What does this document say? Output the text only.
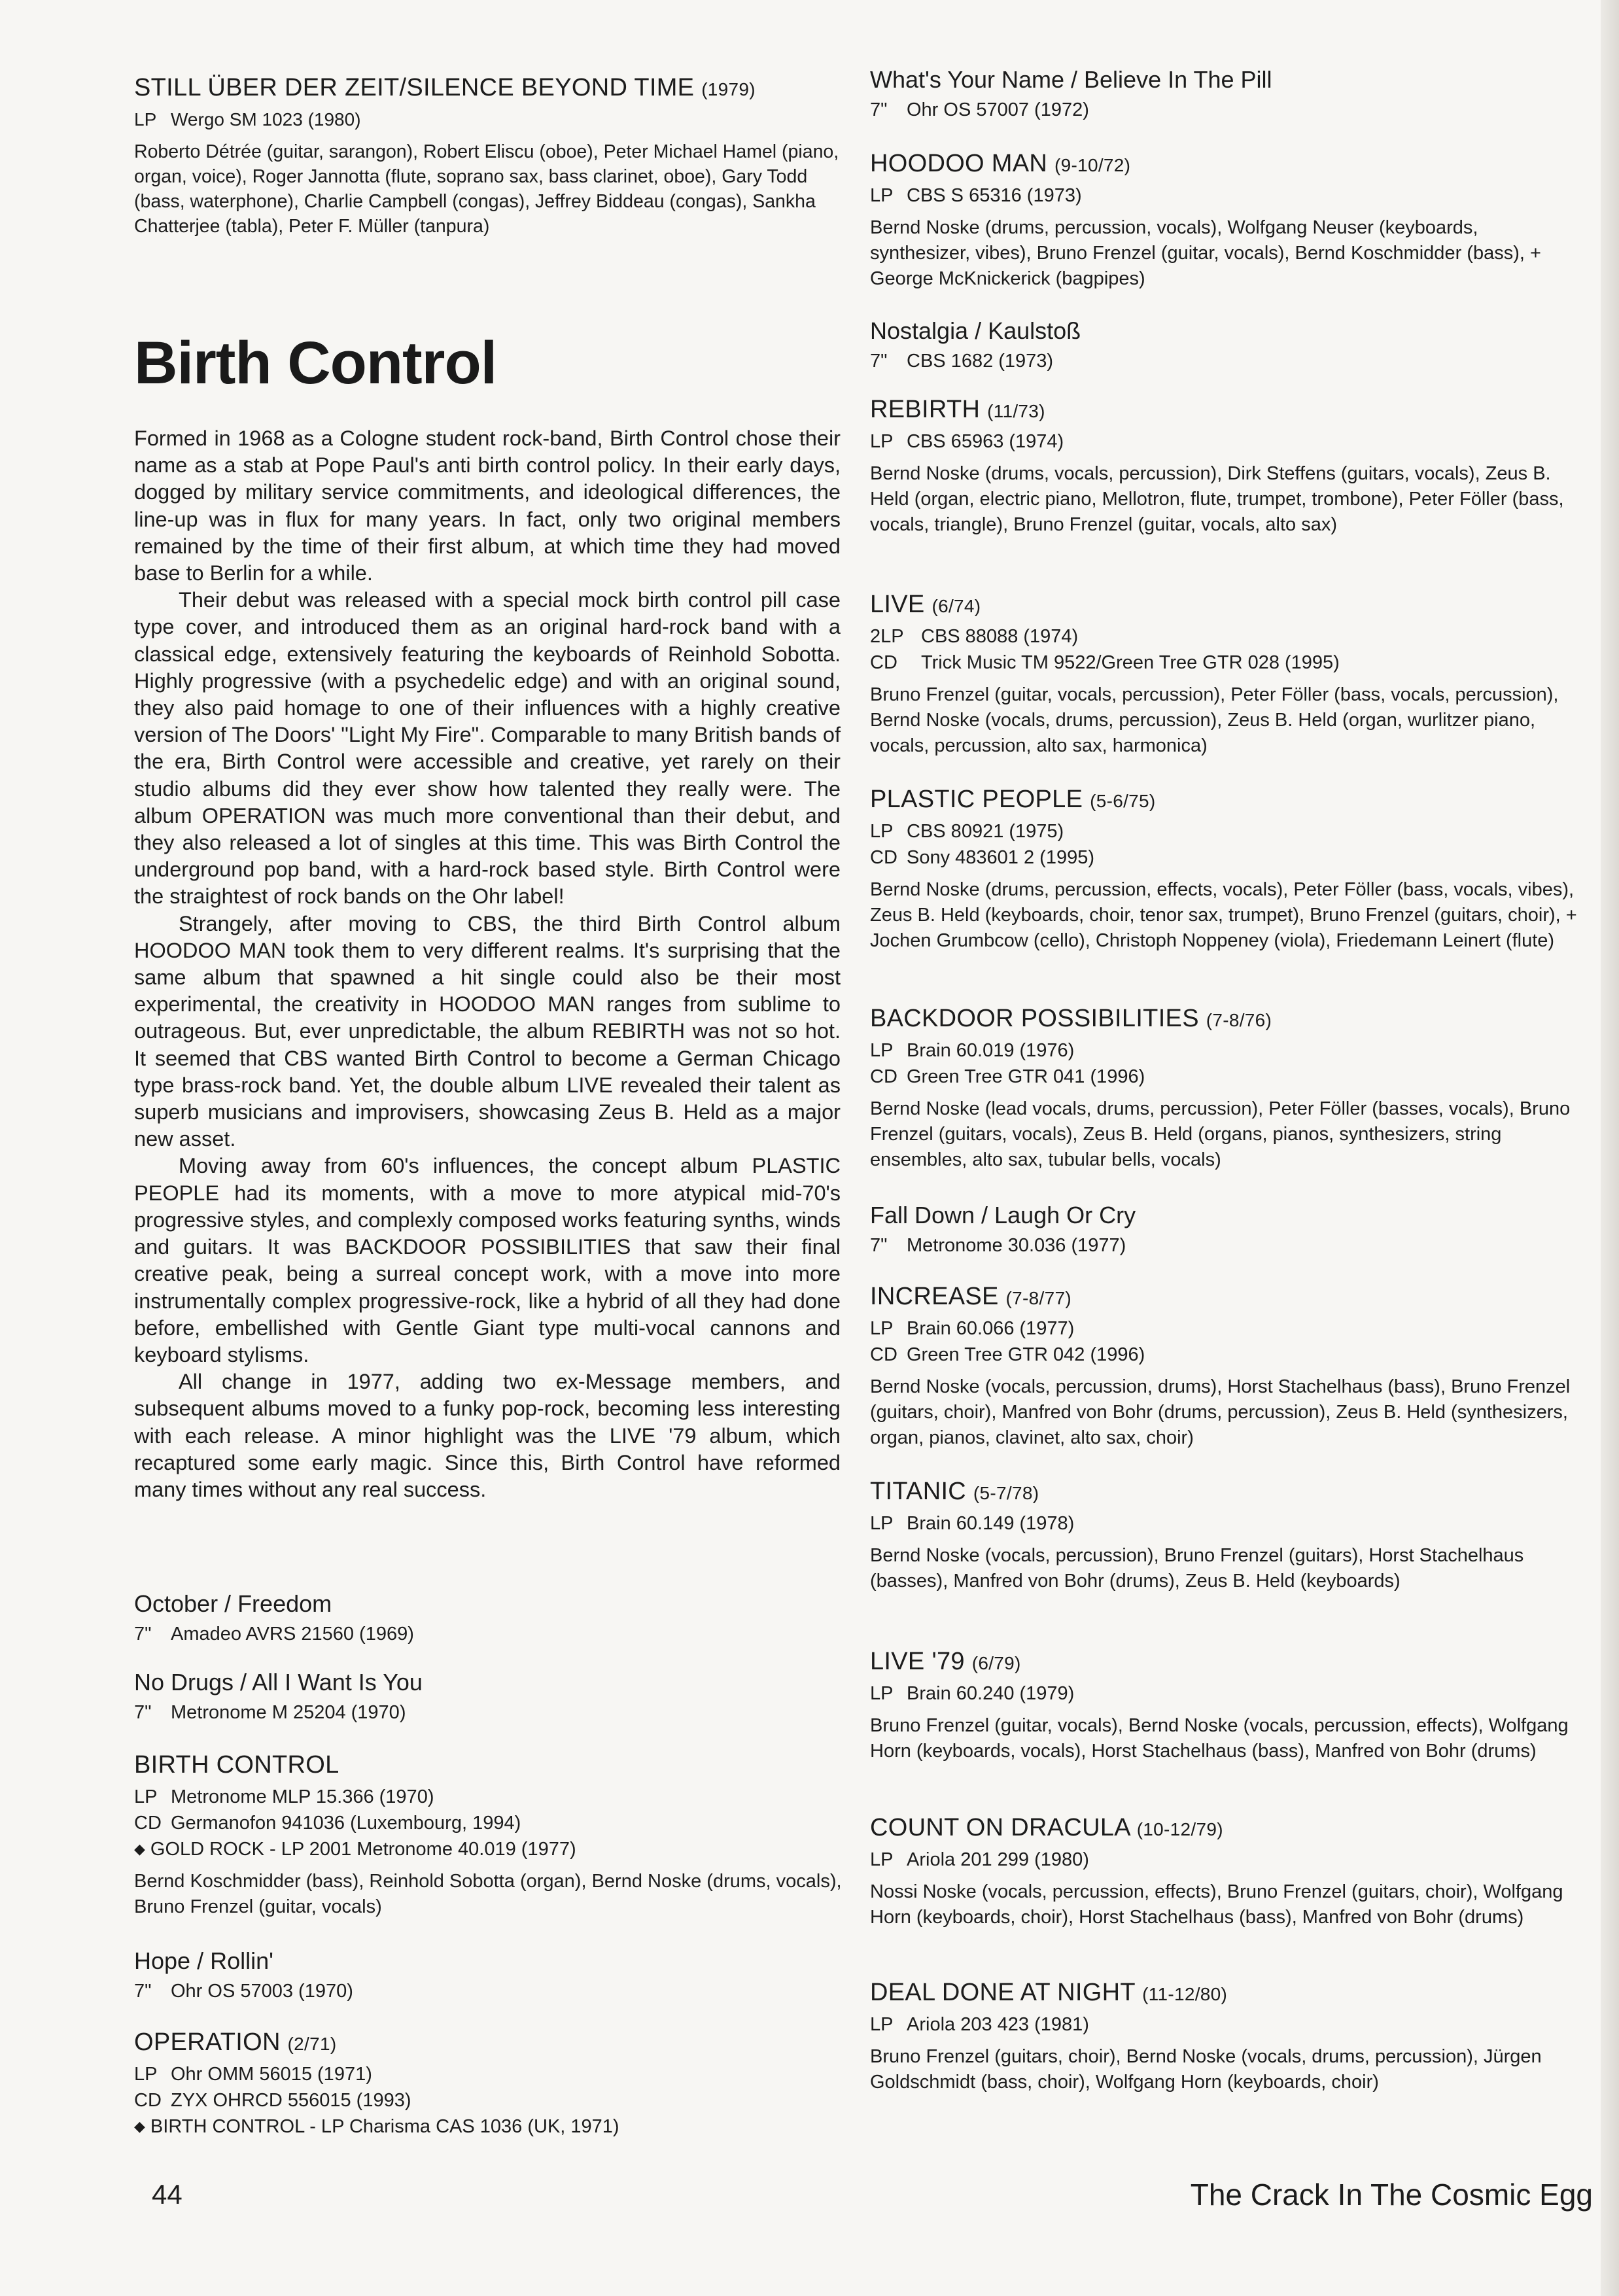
STILL ÜBER DER ZEIT/SILENCE BEYOND TIME (1979)
LP Wergo SM 1023 (1980)
Roberto Détrée (guitar, sarangon), Robert Eliscu (oboe), Peter Michael Hamel (piano, organ, voice), Roger Jannotta (flute, soprano sax, bass clarinet, oboe), Gary Todd (bass, waterphone), Charlie Campbell (congas), Jeffrey Biddeau (congas), Sankha Chatterjee (tabla), Peter F. Müller (tanpura)
Birth Control

Formed in 1968 as a Cologne student rock-band, Birth Control chose their name as a stab at Pope Paul's anti birth control policy. In their early days, dogged by military service commitments, and ideological differences, the line-up was in flux for many years. In fact, only two original members remained by the time of their first album, at which time they had moved base to Berlin for a while.

Their debut was released with a special mock birth control pill case type cover, and introduced them as an original hard-rock band with a classical edge, extensively featuring the keyboards of Reinhold Sobotta. Highly progressive (with a psychedelic edge) and with an original sound, they also paid homage to one of their influences with a highly creative version of The Doors' "Light My Fire". Comparable to many British bands of the era, Birth Control were accessible and creative, yet rarely on their studio albums did they ever show how talented they really were. The album OPERATION was much more conventional than their debut, and they also released a lot of singles at this time. This was Birth Control the underground pop band, with a hard-rock based style. Birth Control were the straightest of rock bands on the Ohr label!

Strangely, after moving to CBS, the third Birth Control album HOODOO MAN took them to very different realms. It's surprising that the same album that spawned a hit single could also be their most experimental, the creativity in HOODOO MAN ranges from sublime to outrageous. But, ever unpredictable, the album REBIRTH was not so hot. It seemed that CBS wanted Birth Control to become a German Chicago type brass-rock band. Yet, the double album LIVE revealed their talent as superb musicians and improvisers, showcasing Zeus B. Held as a major new asset.

Moving away from 60's influences, the concept album PLASTIC PEOPLE had its moments, with a move to more atypical mid-70's progressive styles, and complexly composed works featuring synths, winds and guitars. It was BACKDOOR POSSIBILITIES that saw their final creative peak, being a surreal concept work, with a move into more instrumentally complex progressive-rock, like a hybrid of all they had done before, embellished with Gentle Giant type multi-vocal cannons and keyboard stylisms.

All change in 1977, adding two ex-Message members, and subsequent albums moved to a funky pop-rock, becoming less interesting with each release. A minor highlight was the LIVE '79 album, which recaptured some early magic. Since this, Birth Control have reformed many times without any real success.

October / Freedom
7" Amadeo AVRS 21560 (1969)
No Drugs / All I Want Is You
7" Metronome M 25204 (1970)
BIRTH CONTROL
LP Metronome MLP 15.366 (1970)
CD Germanofon 941036 (Luxembourg, 1994)
◆ GOLD ROCK - LP 2001 Metronome 40.019 (1977)
Bernd Koschmidder (bass), Reinhold Sobotta (organ), Bernd Noske (drums, vocals), Bruno Frenzel (guitar, vocals)
Hope / Rollin'
7" Ohr OS 57003 (1970)
OPERATION (2/71)
LP Ohr OMM 56015 (1971)
CD ZYX OHRCD 556015 (1993)
◆ BIRTH CONTROL - LP Charisma CAS 1036 (UK, 1971)
What's Your Name / Believe In The Pill
7" Ohr OS 57007 (1972)
HOODOO MAN (9-10/72)
LP CBS S 65316 (1973)
Bernd Noske (drums, percussion, vocals), Wolfgang Neuser (keyboards, synthesizer, vibes), Bruno Frenzel (guitar, vocals), Bernd Koschmidder (bass), + George McKnickerick (bagpipes)
Nostalgia / Kaulstoß
7" CBS 1682 (1973)
REBIRTH (11/73)
LP CBS 65963 (1974)
Bernd Noske (drums, vocals, percussion), Dirk Steffens (guitars, vocals), Zeus B. Held (organ, electric piano, Mellotron, flute, trumpet, trombone), Peter Föller (bass, vocals, triangle), Bruno Frenzel (guitar, vocals, alto sax)
LIVE (6/74)
2LP CBS 88088 (1974)
CD Trick Music TM 9522/Green Tree GTR 028 (1995)
Bruno Frenzel (guitar, vocals, percussion), Peter Föller (bass, vocals, percussion), Bernd Noske (vocals, drums, percussion), Zeus B. Held (organ, wurlitzer piano, vocals, percussion, alto sax, harmonica)
PLASTIC PEOPLE (5-6/75)
LP CBS 80921 (1975)
CD Sony 483601 2 (1995)
Bernd Noske (drums, percussion, effects, vocals), Peter Föller (bass, vocals, vibes), Zeus B. Held (keyboards, choir, tenor sax, trumpet), Bruno Frenzel (guitars, choir), + Jochen Grumbcow (cello), Christoph Noppeney (viola), Friedemann Leinert (flute)
BACKDOOR POSSIBILITIES (7-8/76)
LP Brain 60.019 (1976)
CD Green Tree GTR 041 (1996)
Bernd Noske (lead vocals, drums, percussion), Peter Föller (basses, vocals), Bruno Frenzel (guitars, vocals), Zeus B. Held (organs, pianos, synthesizers, string ensembles, alto sax, tubular bells, vocals)
Fall Down / Laugh Or Cry
7" Metronome 30.036 (1977)
INCREASE (7-8/77)
LP Brain 60.066 (1977)
CD Green Tree GTR 042 (1996)
Bernd Noske (vocals, percussion, drums), Horst Stachelhaus (bass), Bruno Frenzel (guitars, choir), Manfred von Bohr (drums, percussion), Zeus B. Held (synthesizers, organ, pianos, clavinet, alto sax, choir)
TITANIC (5-7/78)
LP Brain 60.149 (1978)
Bernd Noske (vocals, percussion), Bruno Frenzel (guitars), Horst Stachelhaus (basses), Manfred von Bohr (drums), Zeus B. Held (keyboards)
LIVE '79 (6/79)
LP Brain 60.240 (1979)
Bruno Frenzel (guitar, vocals), Bernd Noske (vocals, percussion, effects), Wolfgang Horn (keyboards, vocals), Horst Stachelhaus (bass), Manfred von Bohr (drums)
COUNT ON DRACULA (10-12/79)
LP Ariola 201 299 (1980)
Nossi Noske (vocals, percussion, effects), Bruno Frenzel (guitars, choir), Wolfgang Horn (keyboards, choir), Horst Stachelhaus (bass), Manfred von Bohr (drums)
DEAL DONE AT NIGHT (11-12/80)
LP Ariola 203 423 (1981)
Bruno Frenzel (guitars, choir), Bernd Noske (vocals, drums, percussion), Jürgen Goldschmidt (bass, choir), Wolfgang Horn (keyboards, choir)
44	The Crack In The Cosmic Egg
